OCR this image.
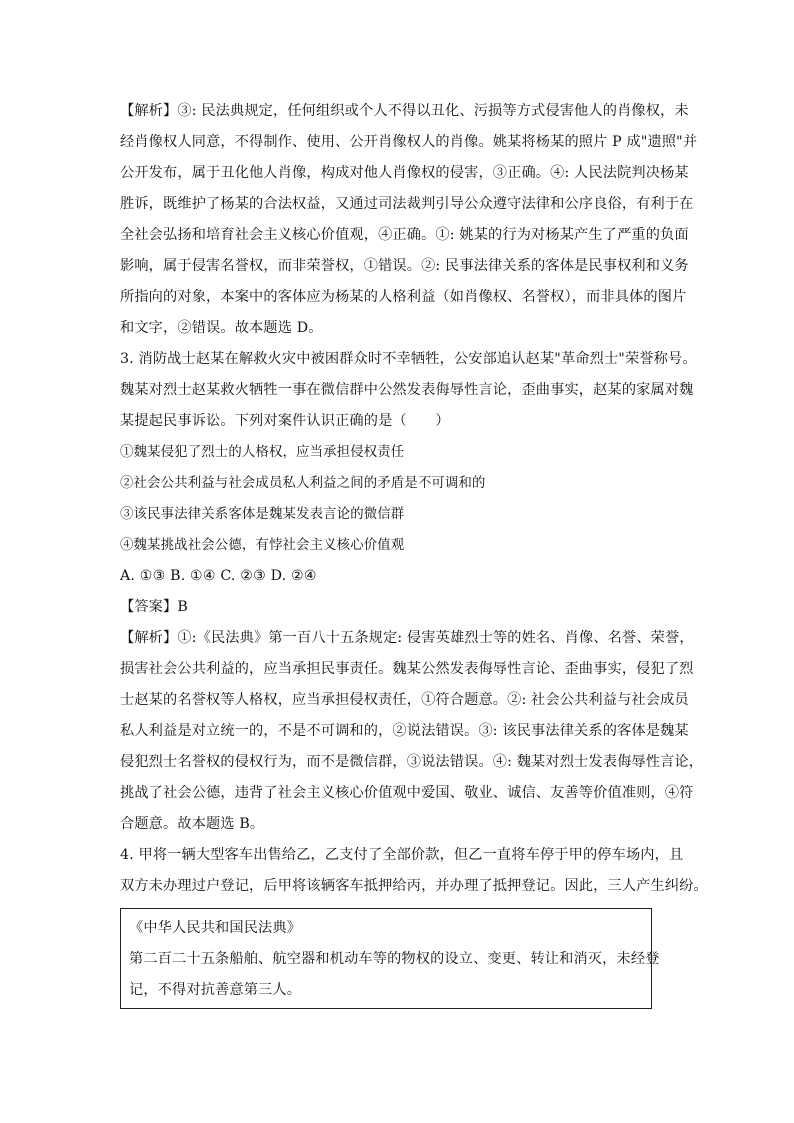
【解析】③: 民法典规定，任何组织或个人不得以丑化、污损等方式侵害他人的肖像权，未
经肖像权人同意，不得制作、使用、公开肖像权人的肖像。姚某将杨某的照片 P 成"遗照"并
公开发布，属于丑化他人肖像，构成对他人肖像权的侵害，③正确。④: 人民法院判决杨某
胜诉，既维护了杨某的合法权益，又通过司法裁判引导公众遵守法律和公序良俗，有利于在
全社会弘扬和培育社会主义核心价值观，④正确。①: 姚某的行为对杨某产生了严重的负面
影响，属于侵害名誉权，而非荣誉权，①错误。②: 民事法律关系的客体是民事权利和义务
所指向的对象，本案中的客体应为杨某的人格利益（如肖像权、名誉权），而非具体的图片
和文字，②错误。故本题选 D。
3. 消防战士赵某在解救火灾中被困群众时不幸牺牲，公安部追认赵某"革命烈士"荣誉称号。
魏某对烈士赵某救火牺牲一事在微信群中公然发表侮辱性言论，歪曲事实，赵某的家属对魏
某提起民事诉讼。下列对案件认识正确的是（　　）
①魏某侵犯了烈士的人格权，应当承担侵权责任
②社会公共利益与社会成员私人利益之间的矛盾是不可调和的
③该民事法律关系客体是魏某发表言论的微信群
④魏某挑战社会公德，有悖社会主义核心价值观
A. ①③ B. ①④ C. ②③ D. ②④
【答案】B
【解析】①:《民法典》第一百八十五条规定: 侵害英雄烈士等的姓名、肖像、名誉、荣誉，
损害社会公共利益的，应当承担民事责任。魏某公然发表侮辱性言论、歪曲事实，侵犯了烈
士赵某的名誉权等人格权，应当承担侵权责任，①符合题意。②: 社会公共利益与社会成员
私人利益是对立统一的，不是不可调和的，②说法错误。③: 该民事法律关系的客体是魏某
侵犯烈士名誉权的侵权行为，而不是微信群，③说法错误。④: 魏某对烈士发表侮辱性言论，
挑战了社会公德，违背了社会主义核心价值观中爱国、敬业、诚信、友善等价值准则，④符
合题意。故本题选 B。
4. 甲将一辆大型客车出售给乙，乙支付了全部价款，但乙一直将车停于甲的停车场内，且
双方未办理过户登记，后甲将该辆客车抵押给丙，并办理了抵押登记。因此，三人产生纠纷。
《中华人民共和国民法典》
第二百二十五条船舶、航空器和机动车等的物权的设立、变更、转让和消灭，未经登
记，不得对抗善意第三人。
